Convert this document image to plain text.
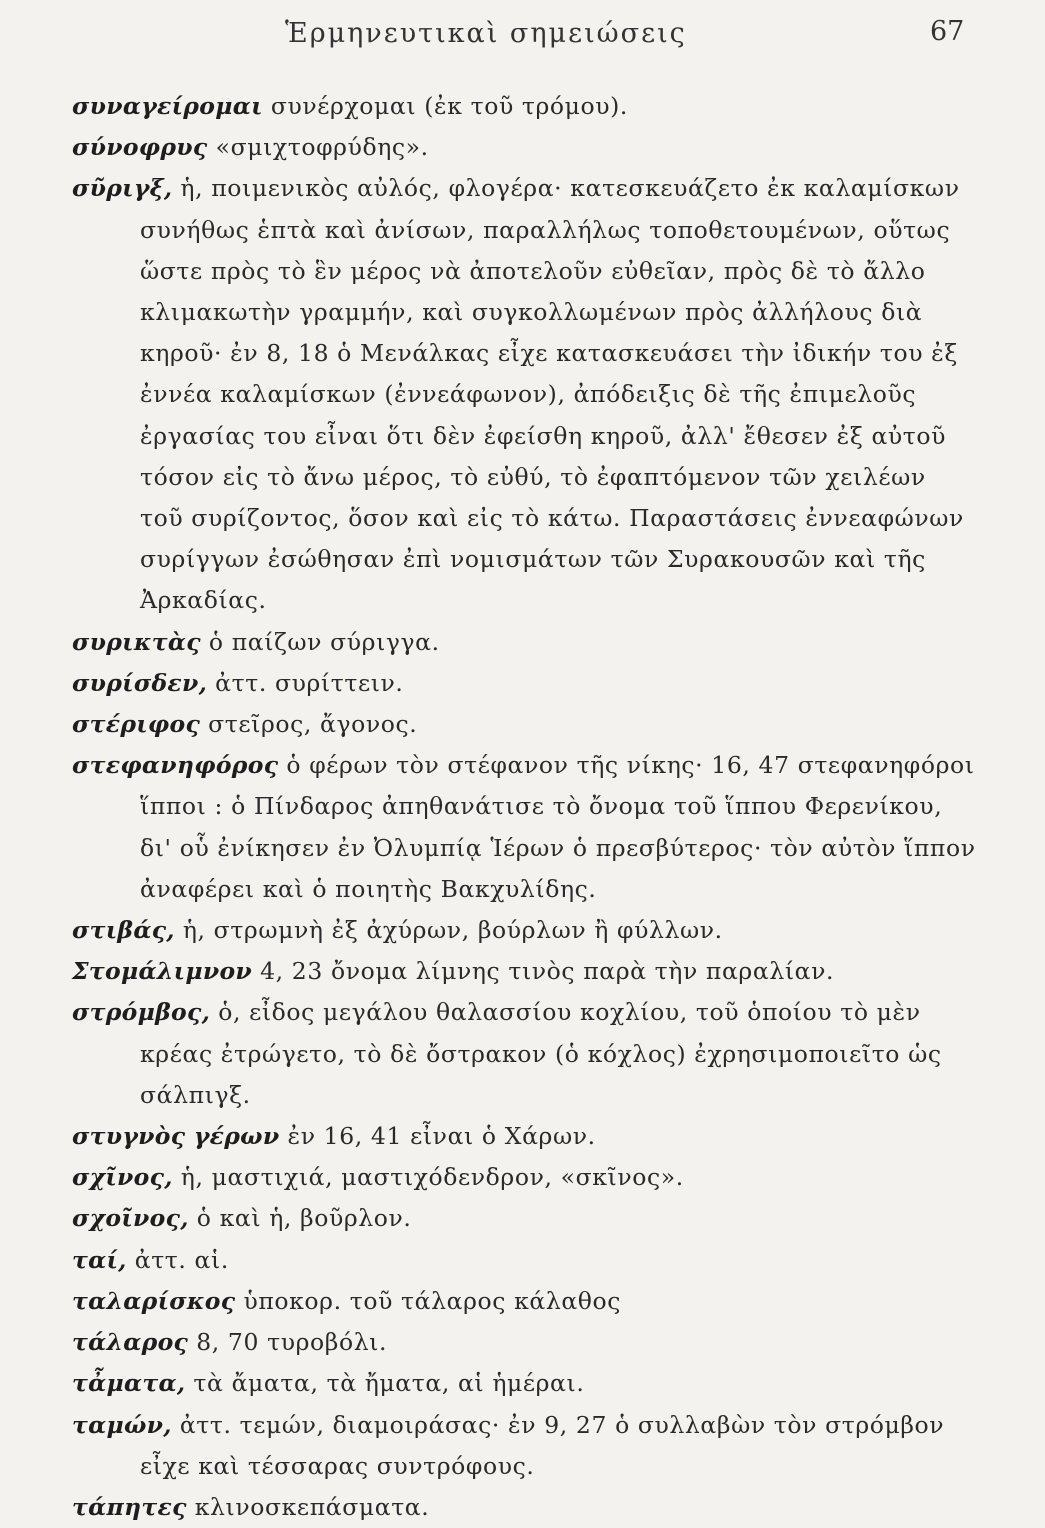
Ἑρμηνευτικαὶ σημειώσεις	67

συναγείρομαι συνέρχομαι (ἐκ τοῦ τρόμου).

σύνοφρυς «σμιχτοφρύδης».

σῦριγξ, ἡ, ποιμενικὸς αὐλός, φλογέρα· κατεσκευάζετο ἐκ καλαμίσκων συνήθως ἑπτὰ καὶ ἀνίσων, παραλλήλως τοποθετουμένων, οὕτως ὥστε πρὸς τὸ ἓν μέρος νὰ ἀποτελοῦν εὐθεῖαν, πρὸς δὲ τὸ ἄλλο κλιμακωτὴν γραμμήν, καὶ συγκολλωμένων πρὸς ἀλλήλους διὰ κηροῦ· ἐν 8, 18 ὁ Μενάλκας εἶχε κατασκευάσει τὴν ἰδικήν του ἐξ ἐννέα καλαμίσκων (ἐννεάφωνον), ἀπόδειξις δὲ τῆς ἐπιμελοῦς ἐργασίας του εἶναι ὅτι δὲν ἐφείσθη κηροῦ, ἀλλ' ἔθεσεν ἐξ αὐτοῦ τόσον εἰς τὸ ἄνω μέρος, τὸ εὐθύ, τὸ ἐφαπτόμενον τῶν χειλέων τοῦ συρίζοντος, ὅσον καὶ εἰς τὸ κάτω. Παραστάσεις ἐννεαφώνων συρίγγων ἐσώθησαν ἐπὶ νομισμάτων τῶν Συρακουσῶν καὶ τῆς Ἀρκαδίας.

συρικτὰς ὁ παίζων σύριγγα.

συρίσδεν, ἀττ. συρίττειν.

στέριφος στεῖρος, ἄγονος.

στεφανηφόρος ὁ φέρων τὸν στέφανον τῆς νίκης· 16, 47 στεφανηφόροι ἵπποι : ὁ Πίνδαρος ἀπηθανάτισε τὸ ὄνομα τοῦ ἵππου Φερενίκου, δι' οὗ ἐνίκησεν ἐν Ὀλυμπίᾳ Ἱέρων ὁ πρεσβύτερος· τὸν αὐτὸν ἵππον ἀναφέρει καὶ ὁ ποιητὴς Βακχυλίδης.

στιβάς, ἡ, στρωμνὴ ἐξ ἀχύρων, βούρλων ἢ φύλλων.

Στομάλιμνον 4, 23 ὄνομα λίμνης τινὸς παρὰ τὴν παραλίαν.

στρόμβος, ὁ, εἶδος μεγάλου θαλασσίου κοχλίου, τοῦ ὁποίου τὸ μὲν κρέας ἐτρώγετο, τὸ δὲ ὄστρακον (ὁ κόχλος) ἐχρησιμοποιεῖτο ὡς σάλπιγξ.

στυγνὸς γέρων ἐν 16, 41 εἶναι ὁ Χάρων.

σχῖνος, ἡ, μαστιχιά, μαστιχόδενδρον, «σκῖνος».

σχοῖνος, ὁ καὶ ἡ, βοῦρλον.

ταί, ἀττ. αἱ.

ταλαρίσκος ὑποκορ. τοῦ τάλαρος κάλαθος

τάλαρος 8, 70 τυροβόλι.

τἆματα, τὰ ἄματα, τὰ ἤματα, αἱ ἡμέραι.

ταμών, ἀττ. τεμών, διαμοιράσας· ἐν 9, 27 ὁ συλλαβὼν τὸν στρόμβον εἶχε καὶ τέσσαρας συντρόφους.

τάπητες κλινοσκεπάσματα.
